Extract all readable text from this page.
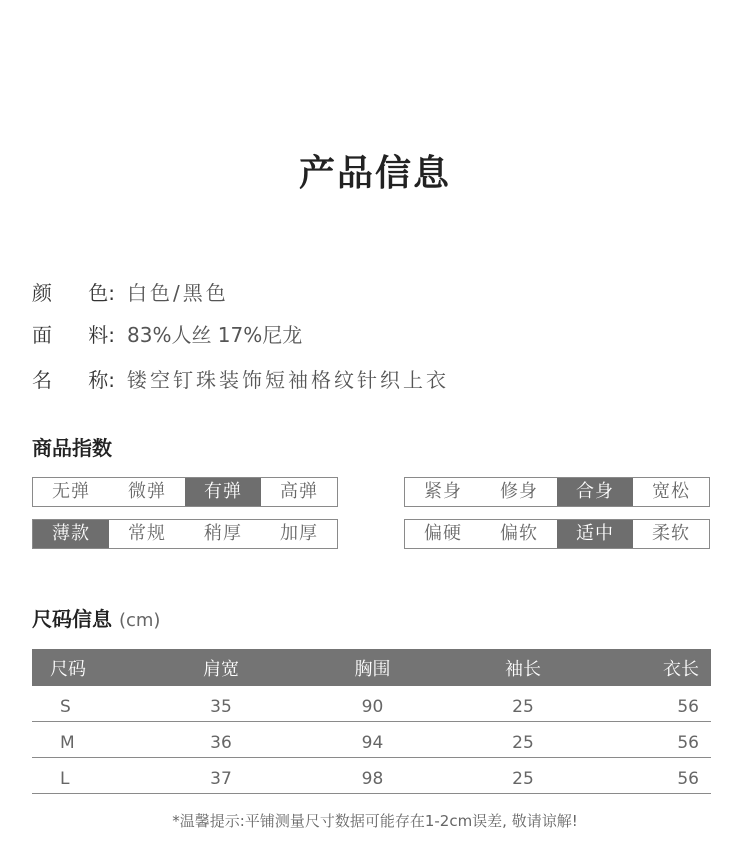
产品信息
颜 色: 白色/黑色
面 料: 83%人丝 17%尼龙
名 称: 镂空钉珠装饰短袖格纹针织上衣
商品指数
无弹	微弹	有弹	高弹	紧身	修身	合身	宽松
薄款	常规	稍厚	加厚	偏硬	偏软	适中	柔软
尺码信息 (cm)
尺码	肩宽	胸围	袖长	衣长
S	35	90	25	56
M	36	94	25	56
L	37	98	25	56
*温馨提示:平铺测量尺寸数据可能存在1-2cm误差, 敬请谅解!
